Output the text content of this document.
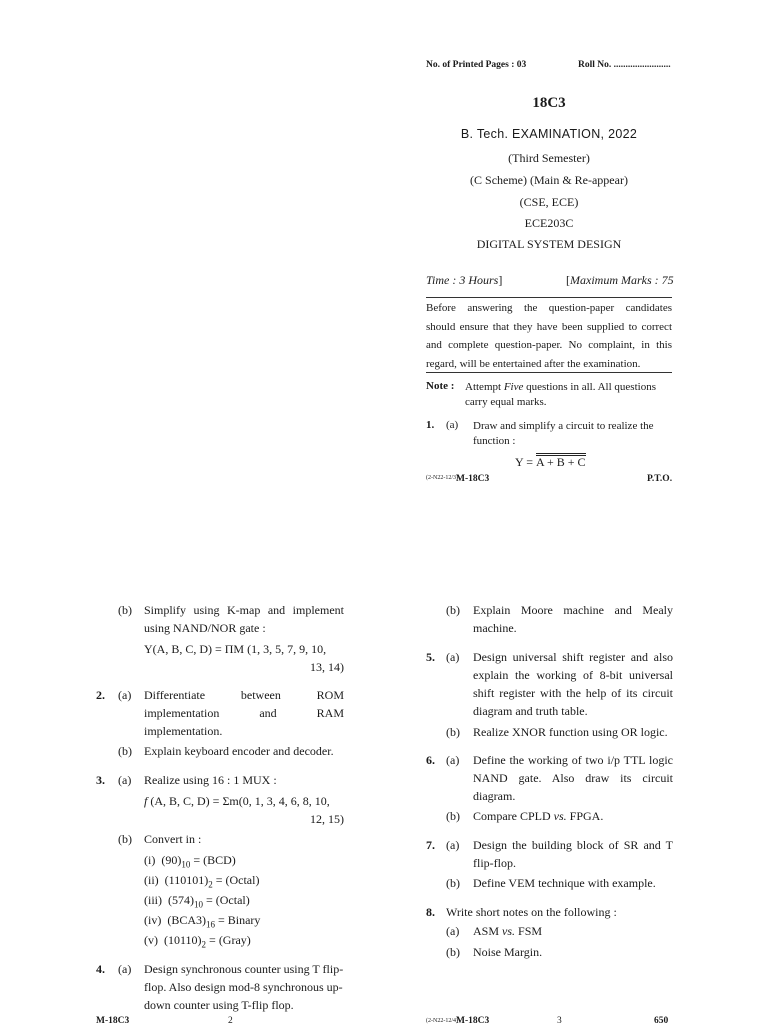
No. of Printed Pages : 03	Roll No. ........................
18C3
B. Tech. EXAMINATION, 2022
(Third Semester)
(C Scheme) (Main & Re-appear)
(CSE, ECE)
ECE203C
DIGITAL SYSTEM DESIGN
Time : 3 Hours]	[Maximum Marks : 75
Before answering the question-paper candidates
should ensure that they have been supplied to correct
and complete question-paper. No complaint, in this
regard, will be entertained after the examination.
Note : Attempt Five questions in all. All questions
carry equal marks.
1. (a) Draw and simplify a circuit to realize the
function :
Y = A + B + C
(2-N22-12/3)
M-18C3	P.T.O.
(b) Simplify using K-map and implement
using NAND/NOR gate :
Y(A, B, C, D) = ΠM (1, 3, 5, 7, 9, 10,
13, 14)
2. (a) Differentiate	between	ROM
implementation	and	RAM
implementation.
(b) Explain keyboard encoder and decoder.
3. (a) Realize using 16 : 1 MUX :
f (A, B, C, D) = Σm(0, 1, 3, 4, 6, 8, 10,
12, 15)
(b) Convert in :
(i) $(90)_{10} = (BCD)$
(ii) $(110101)_2$ = (Octal)
(iii) $(574)_{10}$ = (Octal)
(iv) $(BCA3)_{16}$ = Binary
(v) $(10110)_2$ = (Gray)
4. (a) Design synchronous counter using T flip-
flop. Also design mod-8 synchronous up-
down counter using T-flip flop.
M-18C3	2
(b) Explain Moore machine and Mealy
machine.
5. (a) Design universal shift register and also
explain the working of 8-bit universal
shift register with the help of its circuit
diagram and truth table.
(b) Realize XNOR function using OR logic.
6. (a) Define the working of two i/p TTL logic
NAND gate. Also draw its circuit
diagram.
(b) Compare CPLD vs. FPGA.
7. (a) Design the building block of SR and T
flip-flop.
(b) Define VEM technique with example.
8. Write short notes on the following :
(a) ASM vs. FSM
(b) Noise Margin.
(2-N22-12/4)
M-18C3	3	650
